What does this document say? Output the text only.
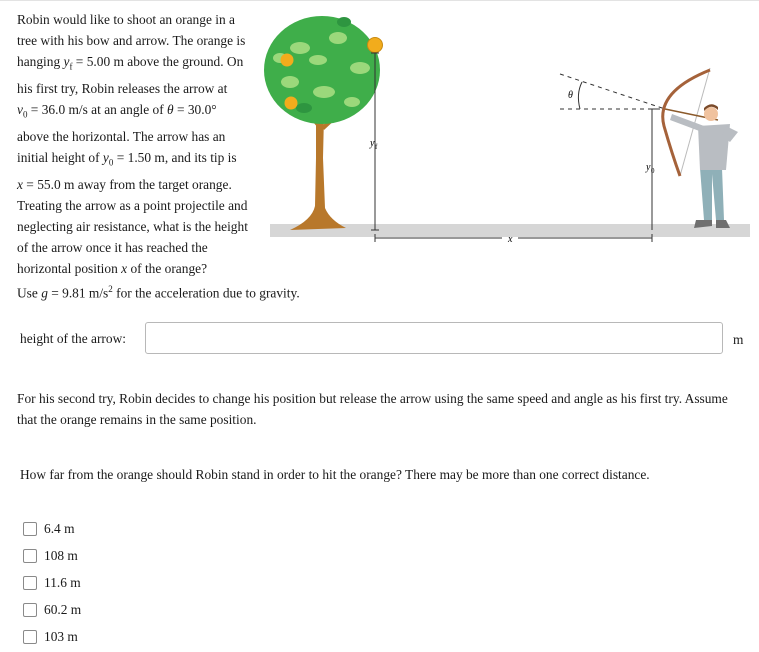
Robin would like to shoot an orange in a
tree with his bow and arrow. The orange is
hanging $y_f = 5.00$ m above the ground. On
his first try, Robin releases the arrow at
$v_0 = 36.0$ m/s at an angle of θ = 30.0°
above the horizontal. The arrow has an
initial height of $y_0 = 1.50$ m, and its tip is
x = 55.0 m away from the target orange.
Treating the arrow as a point projectile and
neglecting air resistance, what is the height
of the arrow once it has reached the
horizontal position x of the orange?
Use g = 9.81 $m/s^2$ for the acceleration due to gravity.
y f
x
y 0
θ
height of the arrow:	m
For his second try, Robin decides to change his position but release the arrow using the same speed and angle as his first try. Assume that the orange remains in the same position.
How far from the orange should Robin stand in order to hit the orange? There may be more than one correct distance.
6.4 m
108 m
11.6 m
60.2 m
103 m
